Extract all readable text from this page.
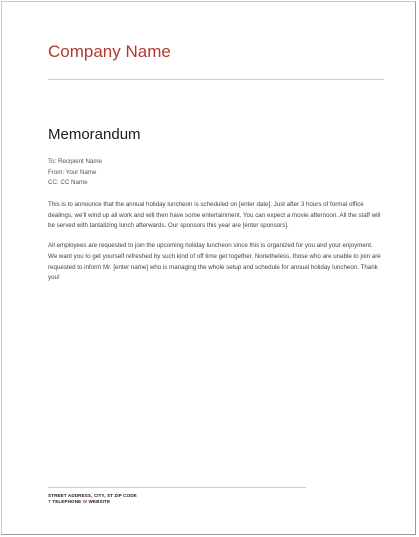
Company Name
Memorandum
To: Recipient Name
From: Your Name
CC: CC Name

This is to announce that the annual holiday luncheon is scheduled on [enter date]. Just after 3 hours of formal office dealings, we'll wind up all work and will then have some entertainment. You can expect a movie afternoon. All the staff will be served with tantalizing lunch afterwards. Our sponsors this year are [enter sponsors].

All employees are requested to join the upcoming holiday luncheon since this is organized for you and your enjoyment. We want you to get yourself refreshed by such kind of off time get together. Nonetheless, those who are unable to join are requested to inform Mr. [enter name] who is managing the whole setup and schedule for annual holiday luncheon. Thank you!

STREET ADDRESS, CITY, ST ZIP CODE
T TELEPHONE W WEBSITE
